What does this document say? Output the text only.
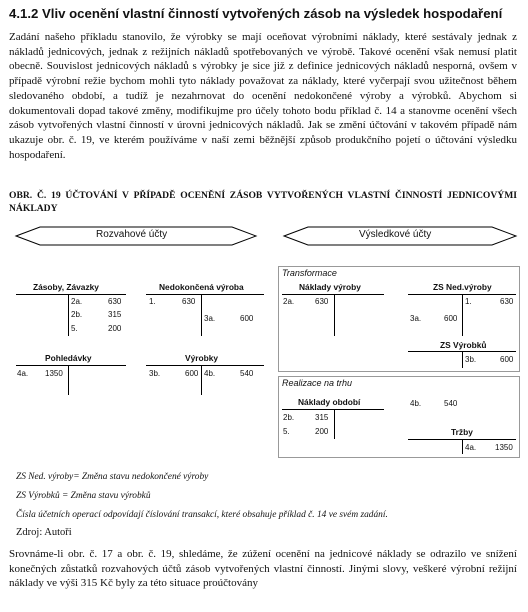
4.1.2 Vliv ocenění vlastní činností vytvořených zásob na výsledek hospodaření
Zadání našeho příkladu stanovilo, že výrobky se mají oceňovat výrobními náklady, které sestávaly jednak z nákladů jednicových, jednak z režijních nákladů spotřebovaných ve výrobě. Takové ocenění však nemusí platit obecně. Souvislost jednicových nákladů s výrobky je sice již z definice jednicových nákladů nesporná, ovšem v případě výrobní režie bychom mohli tyto náklady považovat za náklady, které vyčerpají svou užitečnost během sledovaného období, a tudíž je nezahrnovat do ocenění nedokončené výroby a výrobků. Abychom si dokumentovali dopad takové změny, modifikujme pro účely tohoto bodu příklad č. 14 a stanovme ocenění všech zásob vytvořených vlastní činností v úrovni jednicových nákladů. Jak se změní účtování v takovém případě nám ukazuje obr. č. 19, ve kterém používáme v naší zemi běžnější způsob produkčního pojetí o účtování výsledku hospodaření.
OBR. Č. 19 ÚČTOVÁNÍ V PŘÍPADĚ OCENĚNÍ ZÁSOB VYTVOŘENÝCH VLASTNÍ ČINNOSTÍ JEDNICOVÝMI NÁKLADY
Rozvahové účty	Výsledkové účty
Transformace
Realizace na trhu
Zásoby, Závazky
2a.	630
2b.	315
5.	200
Nedokončená výroba
1.	630
3a.	600
Pohledávky
4a. 1350
Výrobky
3b.	600 4b.	540
Náklady výroby
2a.	630
ZS Ned.výroby
1.	630
3a.	600
ZS Výrobků
3b.	600
Náklady období
2b.	315
5.	200
4b.	540
Tržby
4a. 1350
ZS Ned. výroby= Změna stavu nedokončené výroby
ZS Výrobků = Změna stavu výrobků
Čísla účetních operací odpovídají číslování transakcí, které obsahuje příklad č. 14 ve svém zadání.
Zdroj: Autoři
Srovnáme-li obr. č. 17 a obr. č. 19, shledáme, že zúžení ocenění na jednicové náklady se odrazilo ve snížení konečných zůstatků rozvahových účtů zásob vytvořených vlastní činností. Jinými slovy, veškeré výrobní režijní náklady ve výši 315 Kč byly za této situace proúčtovány
